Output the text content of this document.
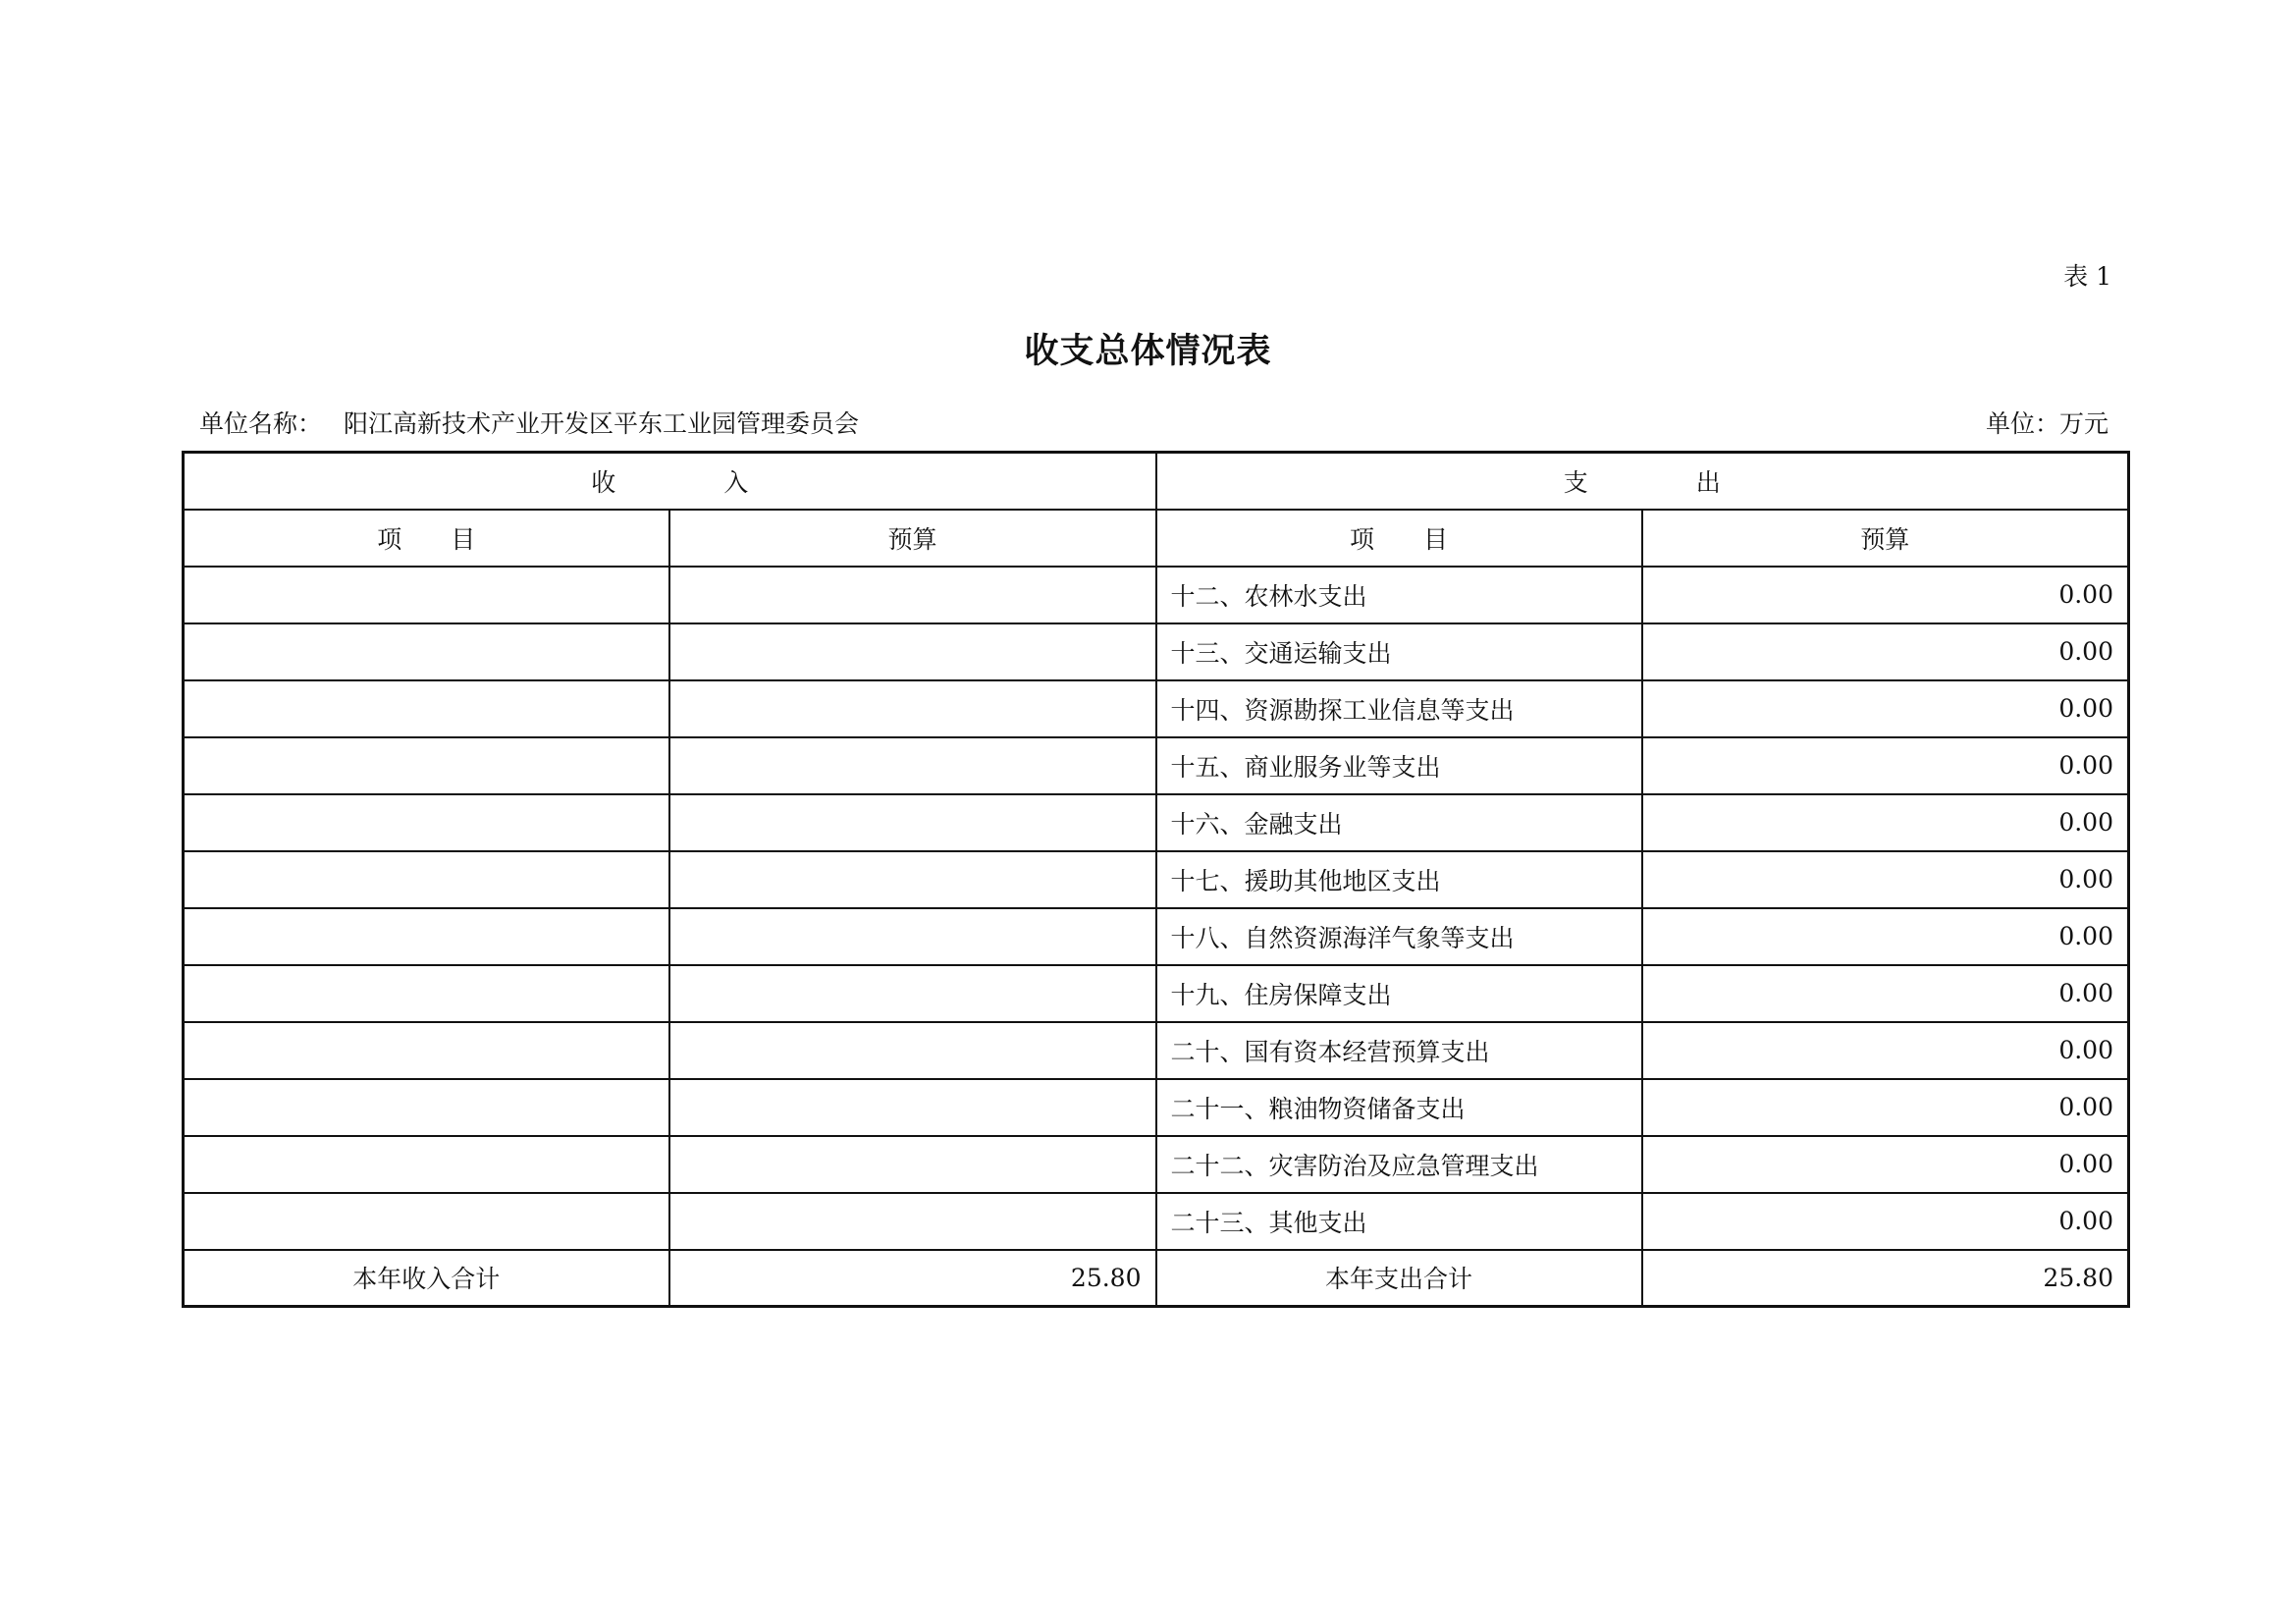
表 1
收支总体情况表
单位名称： 阳江高新技术产业开发区平东工业园管理委员会	单位：万元
收 入		支 出	
项 目	预算	项 目	预算
		十二、农林水支出	0.00
		十三、交通运输支出	0.00
		十四、资源勘探工业信息等支出	0.00
		十五、商业服务业等支出	0.00
		十六、金融支出	0.00
		十七、援助其他地区支出	0.00
		十八、自然资源海洋气象等支出	0.00
		十九、住房保障支出	0.00
		二十、国有资本经营预算支出	0.00
		二十一、粮油物资储备支出	0.00
		二十二、灾害防治及应急管理支出	0.00
		二十三、其他支出	0.00
本年收入合计	25.80	本年支出合计	25.80
